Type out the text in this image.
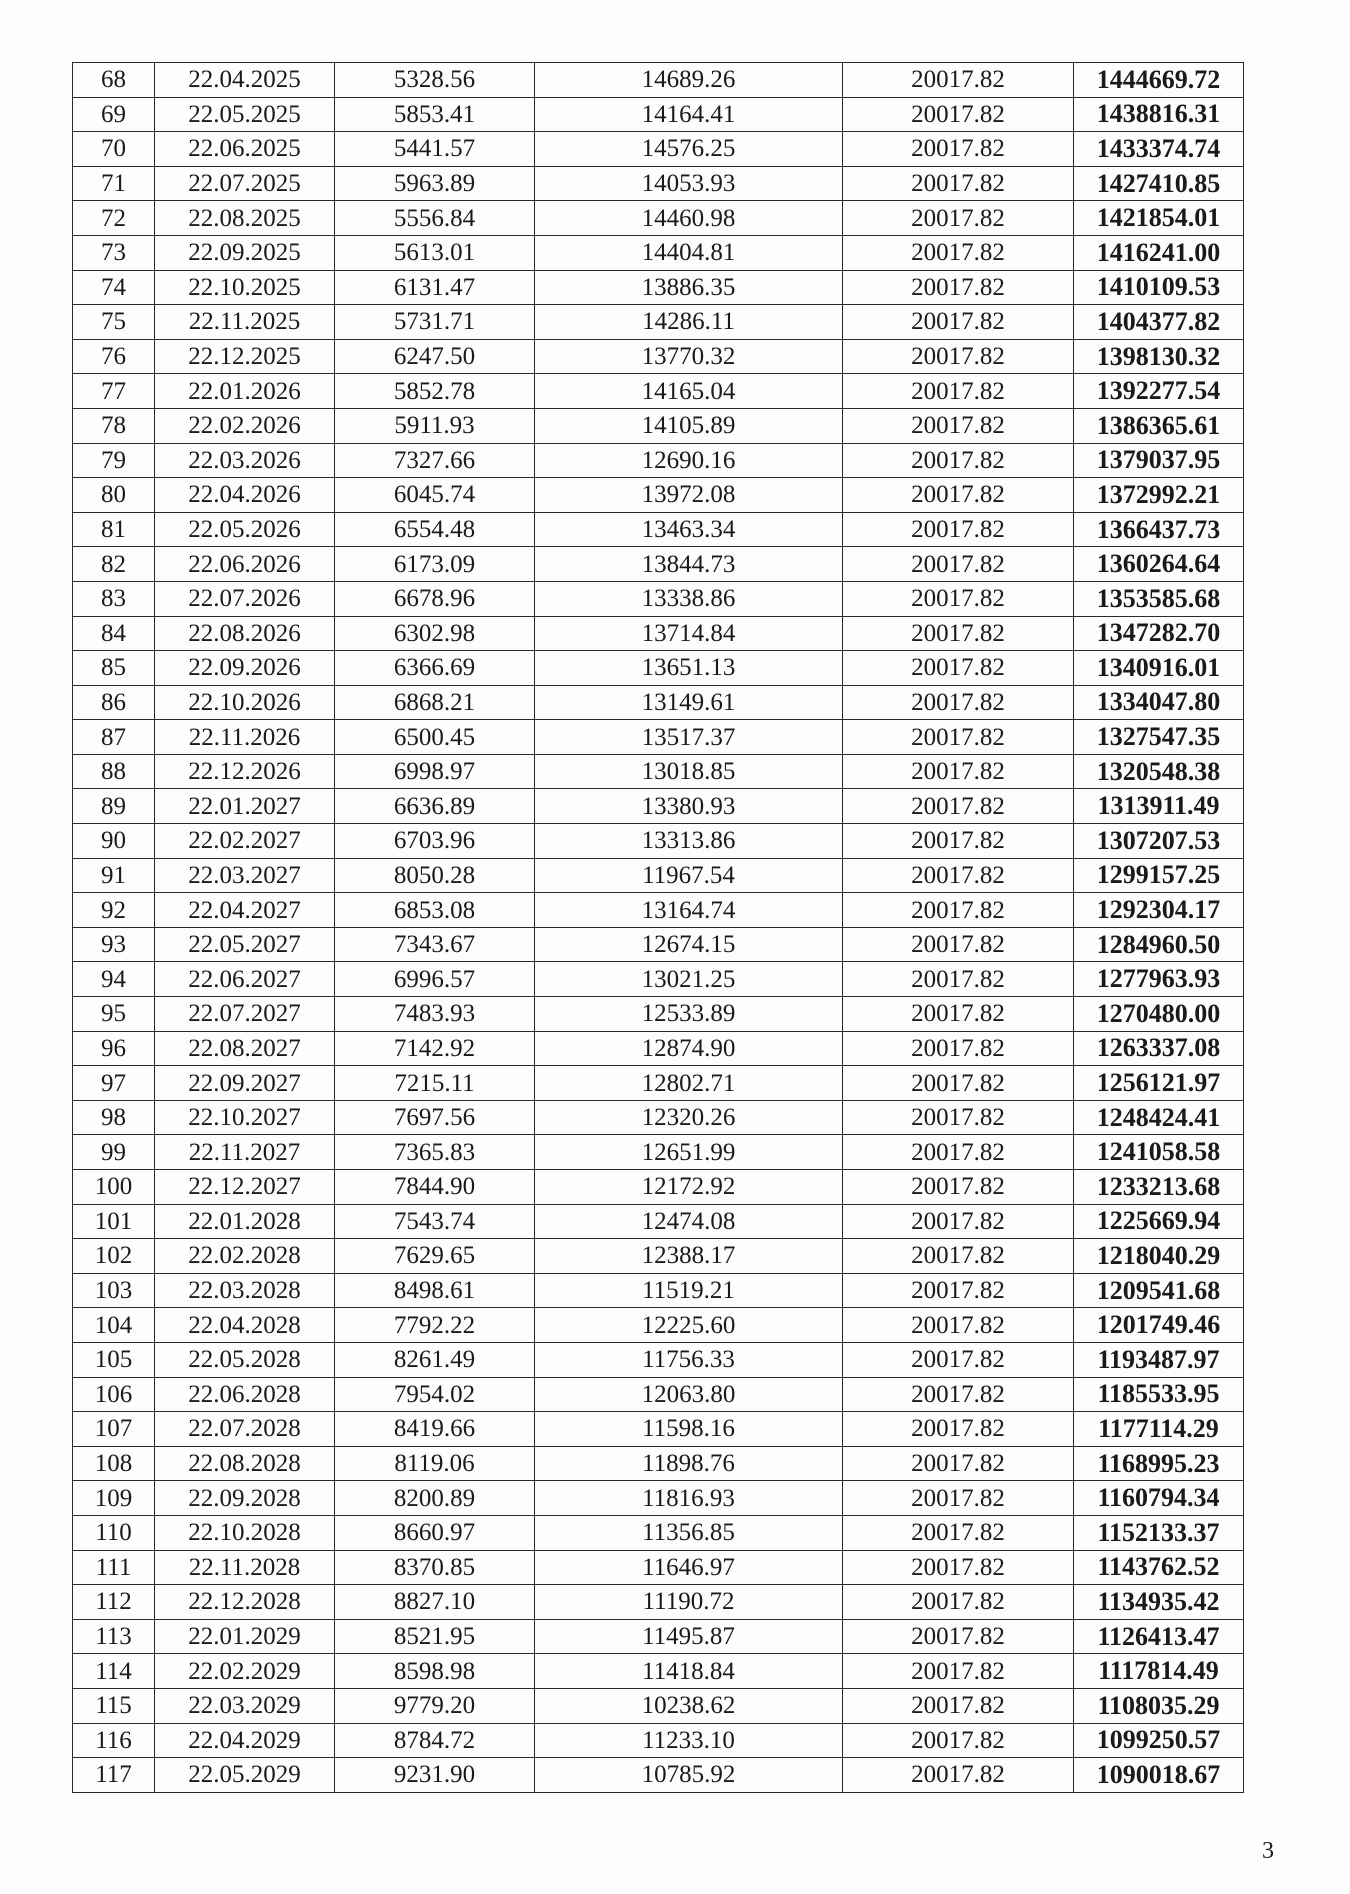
68	22.04.2025	5328.56	14689.26	20017.82	1444669.72
69	22.05.2025	5853.41	14164.41	20017.82	1438816.31
70	22.06.2025	5441.57	14576.25	20017.82	1433374.74
71	22.07.2025	5963.89	14053.93	20017.82	1427410.85
72	22.08.2025	5556.84	14460.98	20017.82	1421854.01
73	22.09.2025	5613.01	14404.81	20017.82	1416241.00
74	22.10.2025	6131.47	13886.35	20017.82	1410109.53
75	22.11.2025	5731.71	14286.11	20017.82	1404377.82
76	22.12.2025	6247.50	13770.32	20017.82	1398130.32
77	22.01.2026	5852.78	14165.04	20017.82	1392277.54
78	22.02.2026	5911.93	14105.89	20017.82	1386365.61
79	22.03.2026	7327.66	12690.16	20017.82	1379037.95
80	22.04.2026	6045.74	13972.08	20017.82	1372992.21
81	22.05.2026	6554.48	13463.34	20017.82	1366437.73
82	22.06.2026	6173.09	13844.73	20017.82	1360264.64
83	22.07.2026	6678.96	13338.86	20017.82	1353585.68
84	22.08.2026	6302.98	13714.84	20017.82	1347282.70
85	22.09.2026	6366.69	13651.13	20017.82	1340916.01
86	22.10.2026	6868.21	13149.61	20017.82	1334047.80
87	22.11.2026	6500.45	13517.37	20017.82	1327547.35
88	22.12.2026	6998.97	13018.85	20017.82	1320548.38
89	22.01.2027	6636.89	13380.93	20017.82	1313911.49
90	22.02.2027	6703.96	13313.86	20017.82	1307207.53
91	22.03.2027	8050.28	11967.54	20017.82	1299157.25
92	22.04.2027	6853.08	13164.74	20017.82	1292304.17
93	22.05.2027	7343.67	12674.15	20017.82	1284960.50
94	22.06.2027	6996.57	13021.25	20017.82	1277963.93
95	22.07.2027	7483.93	12533.89	20017.82	1270480.00
96	22.08.2027	7142.92	12874.90	20017.82	1263337.08
97	22.09.2027	7215.11	12802.71	20017.82	1256121.97
98	22.10.2027	7697.56	12320.26	20017.82	1248424.41
99	22.11.2027	7365.83	12651.99	20017.82	1241058.58
100	22.12.2027	7844.90	12172.92	20017.82	1233213.68
101	22.01.2028	7543.74	12474.08	20017.82	1225669.94
102	22.02.2028	7629.65	12388.17	20017.82	1218040.29
103	22.03.2028	8498.61	11519.21	20017.82	1209541.68
104	22.04.2028	7792.22	12225.60	20017.82	1201749.46
105	22.05.2028	8261.49	11756.33	20017.82	1193487.97
106	22.06.2028	7954.02	12063.80	20017.82	1185533.95
107	22.07.2028	8419.66	11598.16	20017.82	1177114.29
108	22.08.2028	8119.06	11898.76	20017.82	1168995.23
109	22.09.2028	8200.89	11816.93	20017.82	1160794.34
110	22.10.2028	8660.97	11356.85	20017.82	1152133.37
111	22.11.2028	8370.85	11646.97	20017.82	1143762.52
112	22.12.2028	8827.10	11190.72	20017.82	1134935.42
113	22.01.2029	8521.95	11495.87	20017.82	1126413.47
114	22.02.2029	8598.98	11418.84	20017.82	1117814.49
115	22.03.2029	9779.20	10238.62	20017.82	1108035.29
116	22.04.2029	8784.72	11233.10	20017.82	1099250.57
117	22.05.2029	9231.90	10785.92	20017.82	1090018.67
3
